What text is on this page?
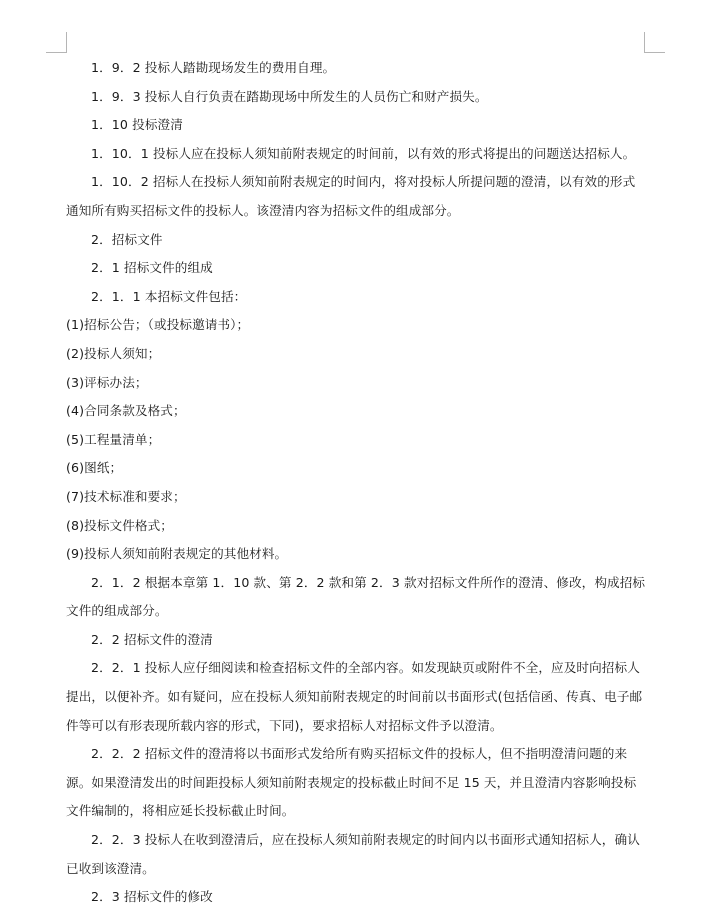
1．9．2 投标人踏勘现场发生的费用自理。

1．9．3 投标人自行负责在踏勘现场中所发生的人员伤亡和财产损失。

1．10 投标澄清

1．10．1 投标人应在投标人须知前附表规定的时间前，以有效的形式将提出的问题送达招标人。

1．10．2 招标人在投标人须知前附表规定的时间内，将对投标人所提问题的澄清，以有效的形式通知所有购买招标文件的投标人。该澄清内容为招标文件的组成部分。

2．招标文件

2．1 招标文件的组成

2．1．1 本招标文件包括：

(1)招标公告；（或投标邀请书）；

(2)投标人须知；

(3)评标办法；

(4)合同条款及格式；

(5)工程量清单；

(6)图纸；

(7)技术标准和要求；

(8)投标文件格式；

(9)投标人须知前附表规定的其他材料。

2．1．2 根据本章第 1．10 款、第 2．2 款和第 2．3 款对招标文件所作的澄清、修改，构成招标文件的组成部分。

2．2 招标文件的澄清

2．2．1 投标人应仔细阅读和检查招标文件的全部内容。如发现缺页或附件不全，应及时向招标人提出，以便补齐。如有疑问，应在投标人须知前附表规定的时间前以书面形式(包括信函、传真、电子邮件等可以有形表现所载内容的形式，下同)，要求招标人对招标文件予以澄清。

2．2．2 招标文件的澄清将以书面形式发给所有购买招标文件的投标人，但不指明澄清问题的来源。如果澄清发出的时间距投标人须知前附表规定的投标截止时间不足 15 天，并且澄清内容影响投标文件编制的，将相应延长投标截止时间。

2．2．3 投标人在收到澄清后，应在投标人须知前附表规定的时间内以书面形式通知招标人，确认已收到该澄清。

2．3 招标文件的修改
